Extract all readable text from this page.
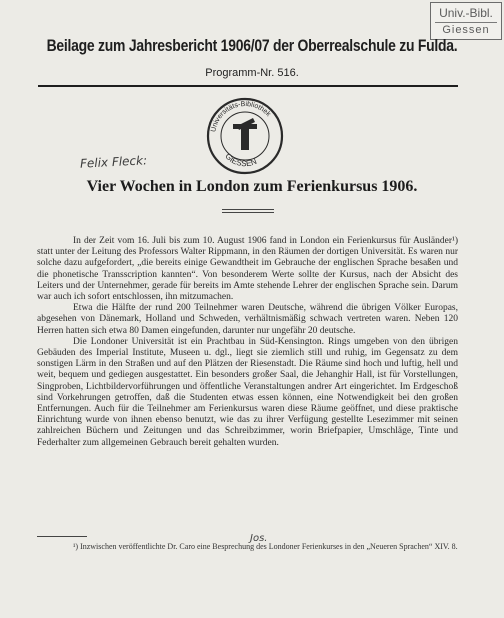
Univ.-Bibl.
Giessen
Beilage zum Jahresbericht 1906/07 der Oberrealschule zu Fulda.
Programm-Nr. 516.
Universitäts-Bibliothek
GIESSEN
Felix Fleck:
Vier Wochen in London zum Ferienkursus 1906.

In der Zeit vom 16. Juli bis zum 10. August 1906 fand in London ein Ferienkursus für Ausländer¹) statt unter der Leitung des Professors Walter Rippmann, in den Räumen der dortigen Universität. Es waren nur solche dazu aufgefordert, „die bereits einige Gewandtheit im Gebrauche der englischen Sprache besaßen und die phonetische Transscription kannten“. Von besonderem Werte sollte der Kursus, nach der Absicht des Leiters und der Unternehmer, gerade für bereits im Amte stehende Lehrer der englischen Sprache sein. Darum war auch ich sofort entschlossen, ihn mitzumachen.

Etwa die Hälfte der rund 200 Teilnehmer waren Deutsche, während die übrigen Völker Europas, abgesehen von Dänemark, Holland und Schweden, verhältnismäßig schwach vertreten waren. Neben 120 Herren hatten sich etwa 80 Damen eingefunden, darunter nur ungefähr 20 deutsche.

Die Londoner Universität ist ein Prachtbau in Süd-Kensington. Rings umgeben von den übrigen Gebäuden des Imperial Institute, Museen u. dgl., liegt sie ziemlich still und ruhig, im Gegensatz zu dem sonstigen Lärm in den Straßen und auf den Plätzen der Riesenstadt. Die Räume sind hoch und luftig, hell und weit, bequem und gediegen ausgestattet. Ein besonders großer Saal, die Jehanghir Hall, ist für Vorstellungen, Singproben, Lichtbildervorführungen und öffentliche Veranstaltungen andrer Art eingerichtet. Im Erdgeschoß sind Vorkehrungen getroffen, daß die Studenten etwas essen können, eine Notwendigkeit bei den großen Entfernungen. Auch für die Teilnehmer am Ferienkursus waren diese Räume geöffnet, und diese praktische Einrichtung wurde von ihnen ebenso benutzt, wie das zu ihrer Verfügung gestellte Lesezimmer mit seinen zahlreichen Büchern und Zeitungen und das Schreibzimmer, worin Briefpapier, Umschläge, Tinte und Federhalter zum allgemeinen Gebrauch bereit gehalten wurden.

Jos.

¹) Inzwischen veröffentlichte Dr. Caro eine Besprechung des Londoner Ferienkurses in den „Neueren Sprachen“ XIV. 8.
